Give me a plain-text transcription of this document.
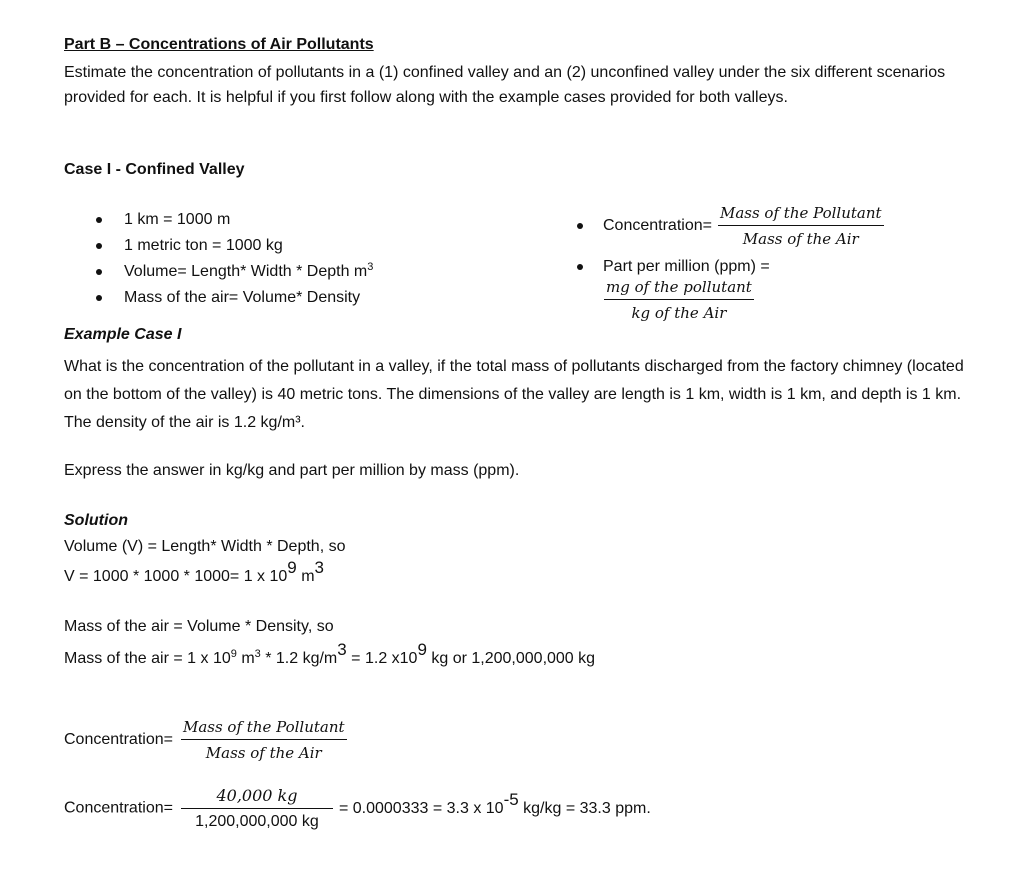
Part B – Concentrations of Air Pollutants
Estimate the concentration of pollutants in a (1) confined valley and an (2) unconfined valley under the six different scenarios provided for each. It is helpful if you first follow along with the example cases provided for both valleys.
Case I - Confined Valley
1 km = 1000 m
1 metric ton = 1000 kg
Volume= Length* Width * Depth $m^3$
Mass of the air= Volume* Density
Concentration= $\frac{\text{Mass of the Pollutant}}{\text{Mass of the Air}}$
Part per million (ppm) =
$\frac{\text{mg of the pollutant}}{\text{kg of the Air}}$
Example Case I
What is the concentration of the pollutant in a valley, if the total mass of pollutants discharged from the factory chimney (located on the bottom of the valley) is 40 metric tons. The dimensions of the valley are length is 1 km, width is 1 km, and depth is 1 km. The density of the air is 1.2 kg/m³.
Express the answer in kg/kg and part per million by mass (ppm).
Solution
Volume (V) = Length* Width * Depth, so
V = 1000 * 1000 * 1000= 1 x $10^9$ $m^3$
Mass of the air = Volume * Density, so
Mass of the air = 1 x $10^9$ $m^3 * 1.2$ $kg/m^3 = 1.2$ $x10^9$ kg or 1,200,000,000 kg
Concentration= $\frac{\text{Mass of the Pollutant}}{\text{Mass of the Air}}$
Concentration= $\frac{40,000 kg}{1,200,000,000 kg} = 0.0000333 = 3.3$ x $10^{-5}$ kg/kg = 33.3 ppm.
